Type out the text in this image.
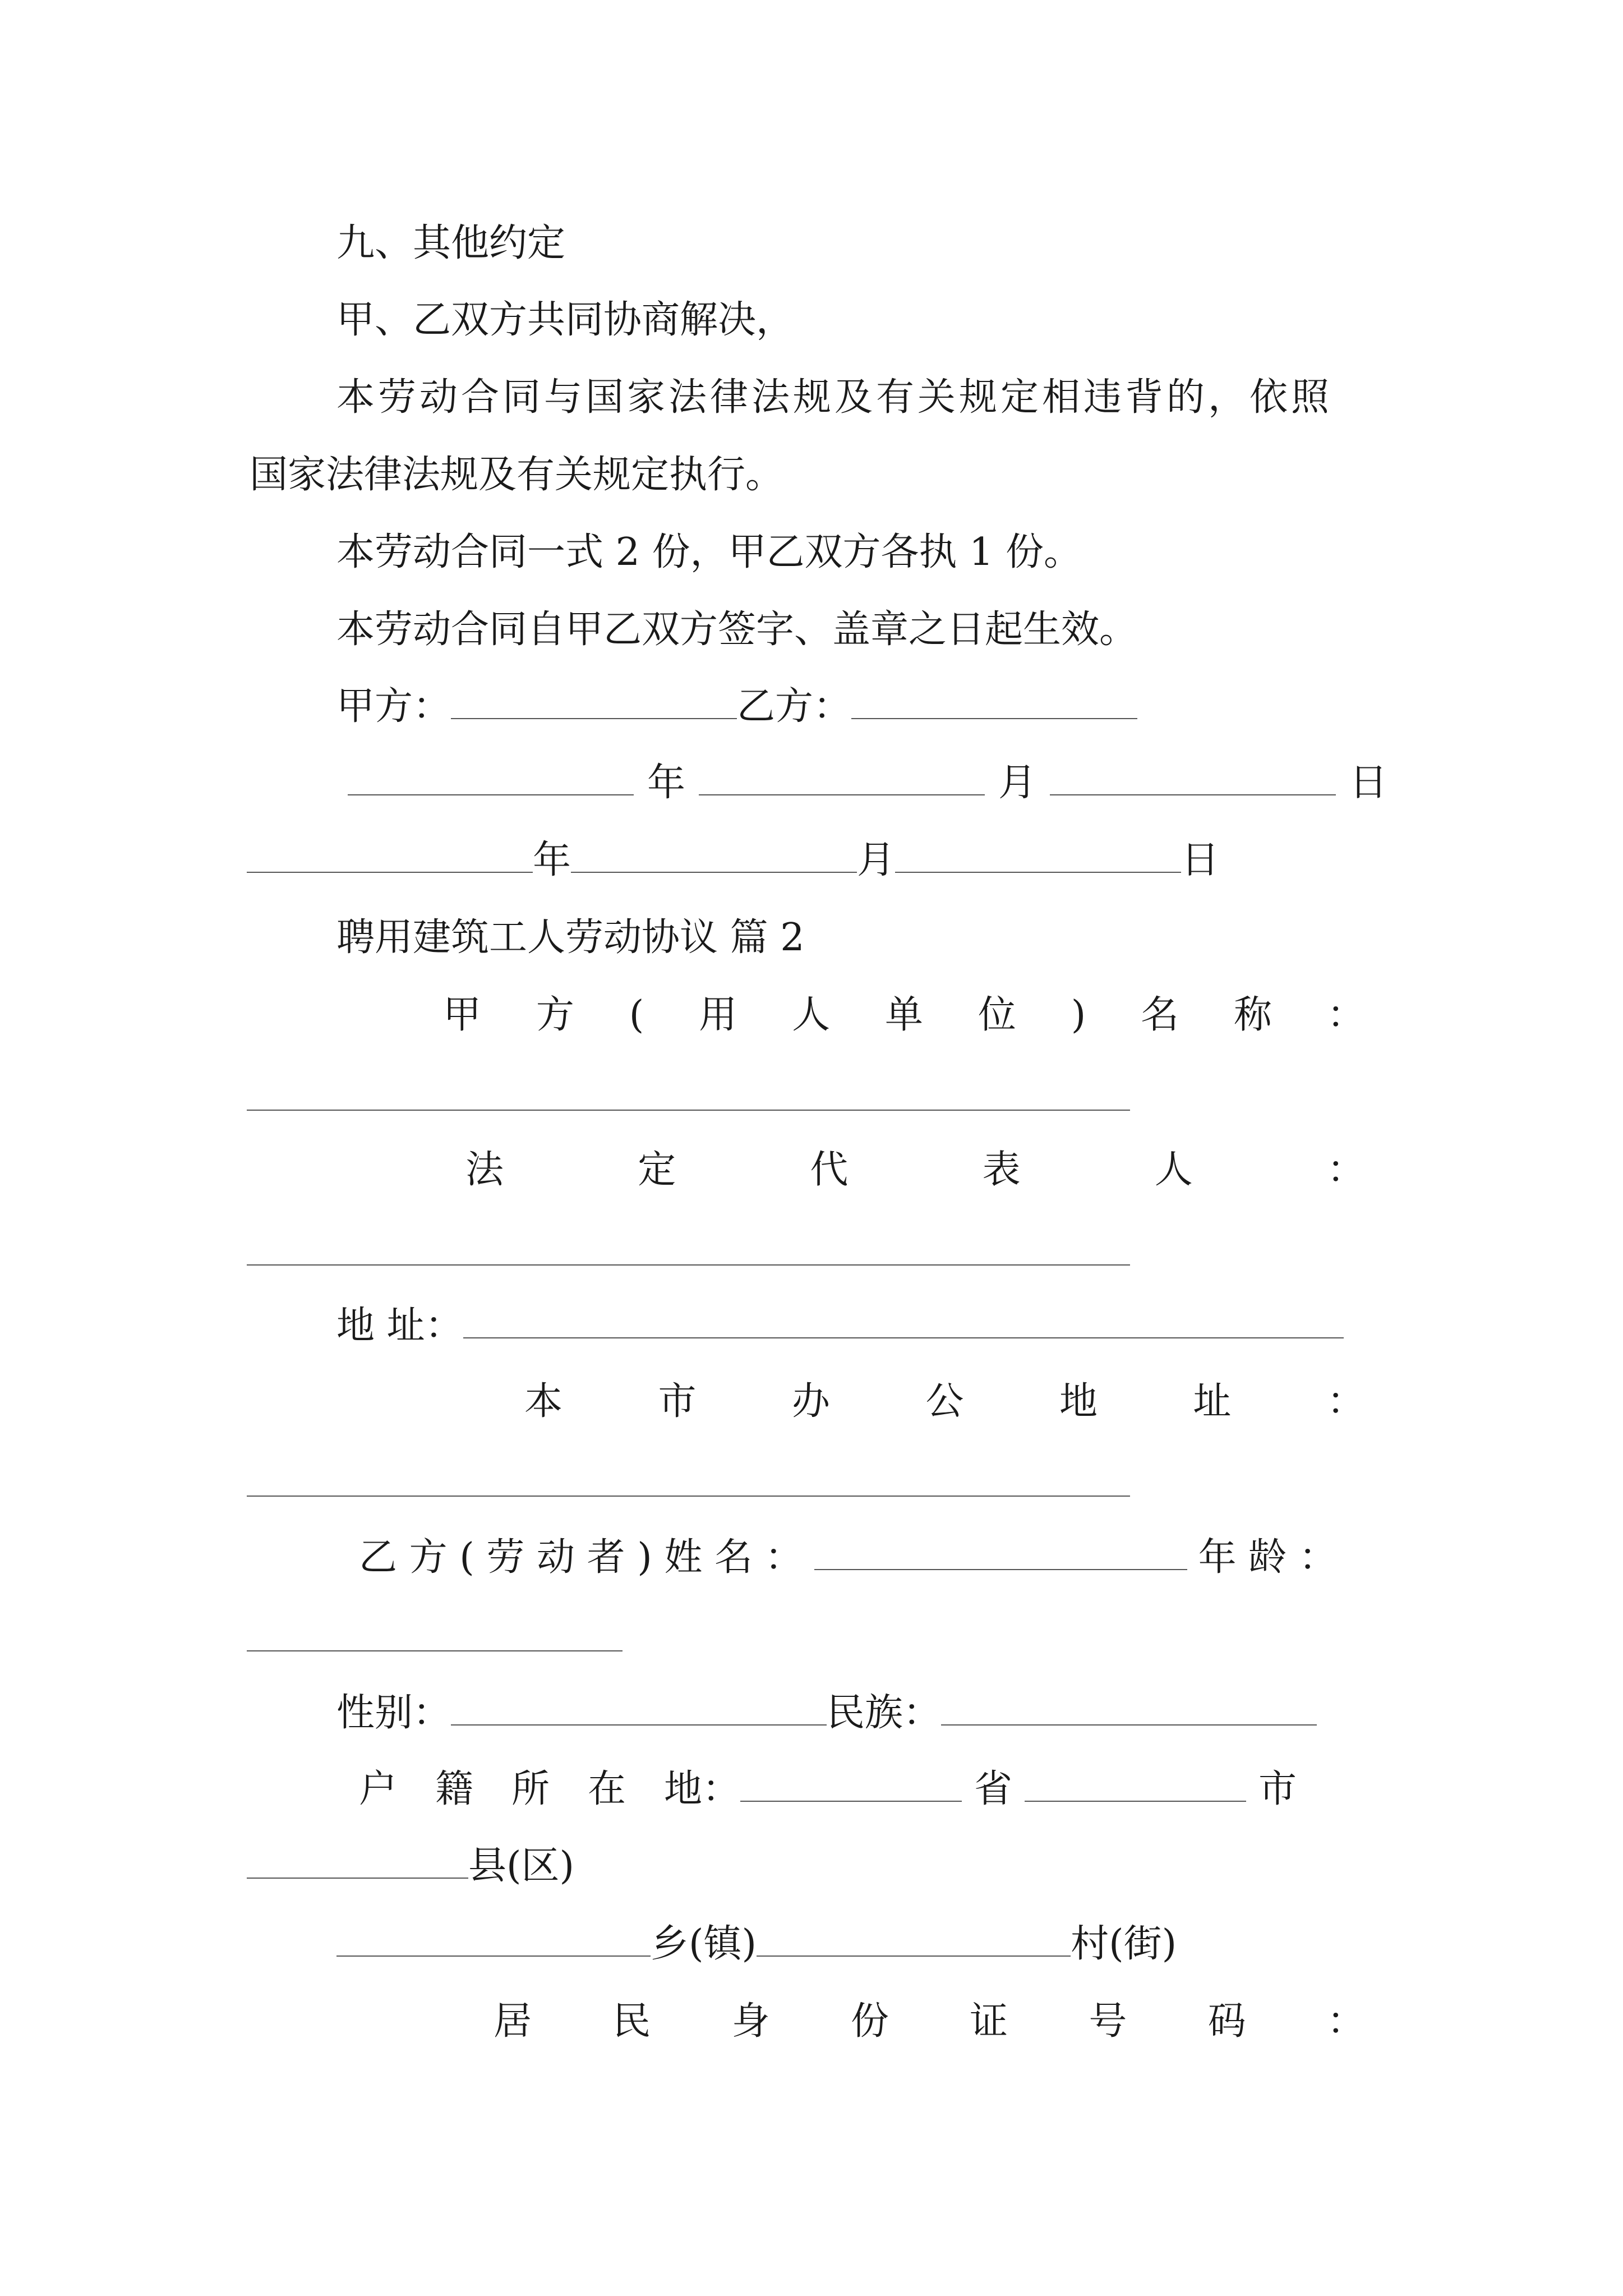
九、其他约定
甲、乙双方共同协商解决，
本劳动合同与国家法律法规及有关规定相违背的，依照
国家法律法规及有关规定执行。
本劳动合同一式 2 份，甲乙双方各执 1 份。
本劳动合同自甲乙双方签字、盖章之日起生效。
甲方：	乙方：
年	月	日
年	月	日
聘用建筑工人劳动协议 篇 2
甲 方 ( 用 人 单 位 ) 名 称 ：
法	定	代	表	人	：
地 址：
本	市	办	公	地	址	：
乙 方 ( 劳 动 者 ) 姓 名 ：	年 龄 ：
性别：	民族：
户　籍　所　在　地：	省	市
县(区)
乡(镇)	村(街)
居 民 身 份 证 号 码 ：
